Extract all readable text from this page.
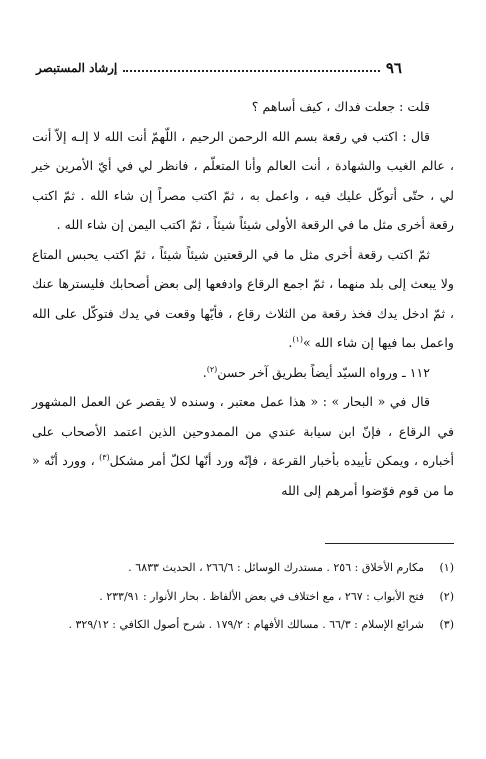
٩٦
إرشاد المستبصر

قلت : جعلت فداك ، كيف أساهم ؟

قال : اكتب في رقعة بسم الله الرحمن الرحيم ، اللّهمّ أنت الله لا إلـه إلاّ أنت ، عالم الغيب والشهادة ، أنت العالم وأنا المتعلّم ، فانظر لي في أيّ الأمرين خير لي ، حتّى أتوكّل عليك فيه ، واعمل به ، ثمّ اكتب مصراً إن شاء الله . ثمّ اكتب رقعة أخرى مثل ما في الرقعة الأولى شيئاً شيئاً ، ثمّ اكتب اليمن إن شاء الله .

ثمّ اكتب رقعة أخرى مثل ما في الرقعتين شيئاً شيئاً ، ثمّ اكتب يحبس المتاع ولا يبعث إلى بلد منهما ، ثمّ اجمع الرقاع وادفعها إلى بعض أصحابك فليسترها عنك ، ثمّ ادخل يدك فخذ رقعة من الثلاث رقاع ، فأيّها وقعت في يدك فتوكّل على الله واعمل بما فيها إن شاء الله »$^{(١)}$.

١١٢ ـ ورواه السيّد أيضاً بطريق آخر حسن$^{(٢)}$.

قال في « البحار » : « هذا عمل معتبر ، وسنده لا يقصر عن العمل المشهور في الرقاع ، فإنّ ابن سيابة عندي من الممدوحين الذين اعتمد الأصحاب على أخباره ، ويمكن تأييده بأخبار القرعة ، فإنّه ورد أنّها لكلّ أمر مشكل$^{(٣)}$ ، وورد أنّه « ما من قوم فوّضوا أمرهم إلى الله

(١)مكارم الأخلاق : ٢٥٦ . مستدرك الوسائل : ٢٦٦/٦ ، الحديث ٦٨٣٣ .

(٢)فتح الأبواب : ٢٦٧ ، مع اختلاف في بعض الألفاظ . بحار الأنوار : ٢٣٣/٩١ .

(٣)شرائع الإسلام : ٦٦/٣ . مسالك الأفهام : ١٧٩/٢ . شرح أصول الكافي : ٣٢٩/١٢ .
